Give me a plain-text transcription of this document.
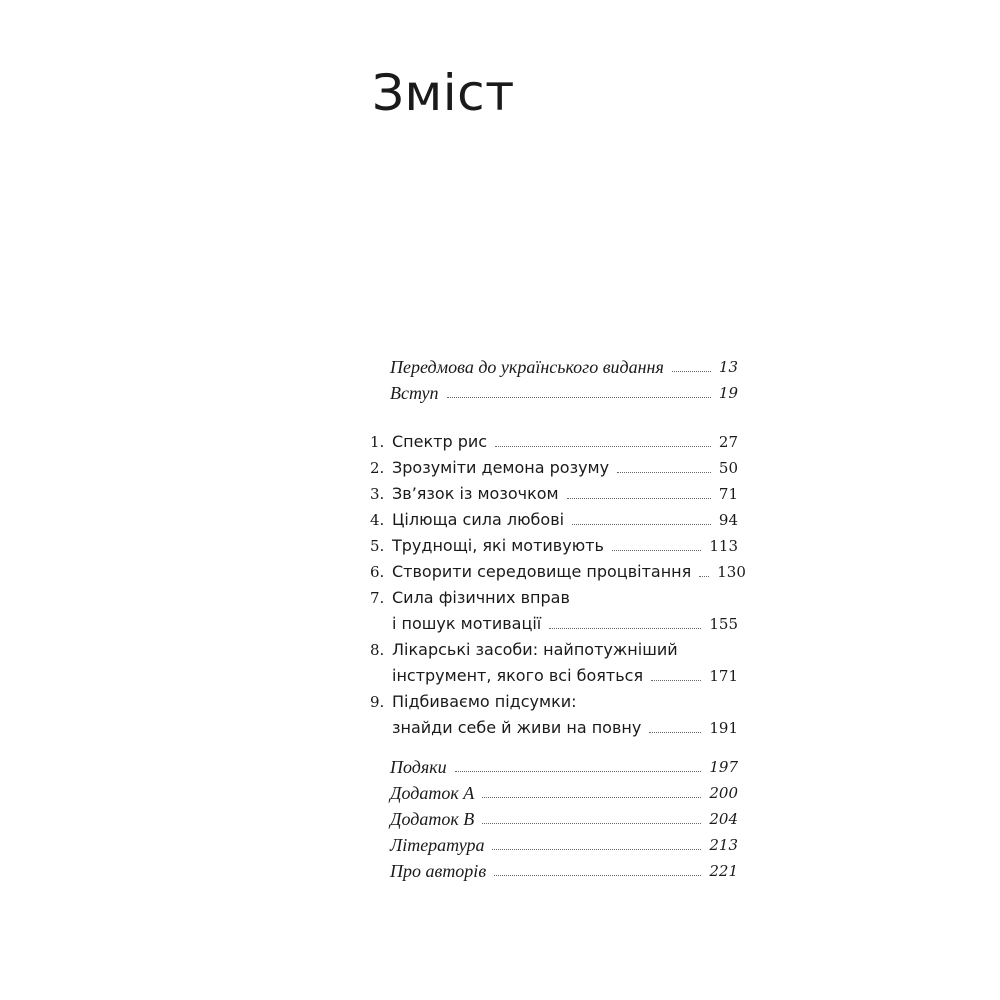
Зміст
Передмова до українського видання	13
Вступ	19
1. Спектр рис	27
2. Зрозуміти демона розуму	50
3. Зв’язок із мозочком	71
4. Цілюща сила любові	94
5. Труднощі, які мотивують	113
6. Створити середовище процвітання 130
7. Сила фізичних вправ
і пошук мотивації	155
8. Лікарські засоби: найпотужніший
інструмент, якого всі бояться	171
9. Підбиваємо підсумки:
знайди себе й живи на повну	191
Подяки	197
Додаток А	200
Додаток В	204
Література	213
Про авторів	221
